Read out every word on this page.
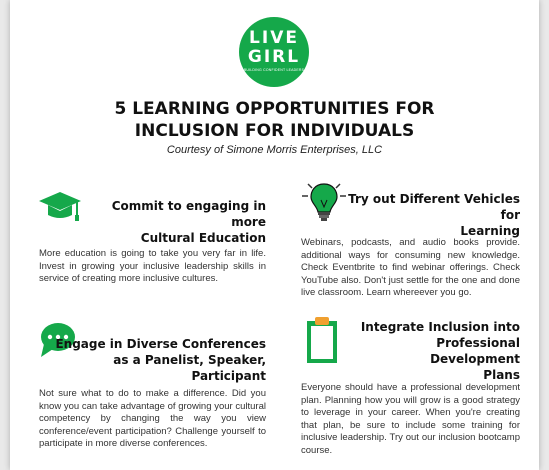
LIVE
GIRL
BUILDING CONFIDENT LEADERS
5 LEARNING OPPORTUNITIES FOR
INCLUSION FOR INDIVIDUALS
Courtesy of Simone Morris Enterprises, LLC
Commit to engaging in more
Cultural Education
More education is going to take you very far in life. Invest in growing your inclusive leadership skills in service of creating more inclusive cultures.
Try out Different Vehicles for
Learning
Webinars, podcasts, and audio books provide. additional ways for consuming new knowledge. Check Eventbrite to find webinar offerings. Check YouTube also. Don't just settle for the one and done live classroom. Learn whereever you go.
Engage in Diverse Conferences
as a Panelist, Speaker, Participant
Not sure what to do to make a difference. Did you know you can take advantage of growing your cultural competency by changing the way you view conference/event participation? Challenge yourself to participate in more diverse conferences.
Integrate Inclusion into
Professional Development
Plans
Everyone should have a professional development plan. Planning how you will grow is a good strategy to leverage in your career. When you're creating that plan, be sure to include some training for inclusive leadership. Try out our inclusion bootcamp course.
